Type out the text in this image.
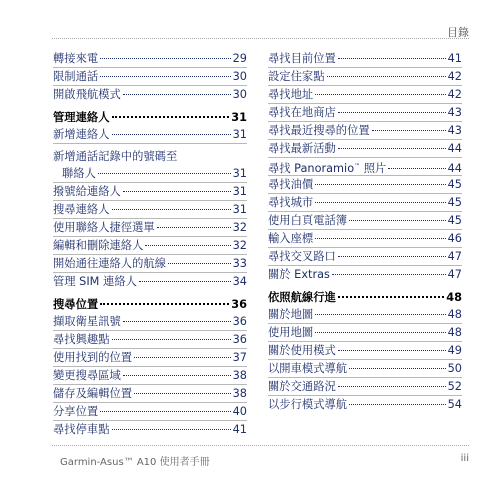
目錄
轉接來電	29
限制通話	30
開啟飛航模式	30
管理連絡人	31
新增連絡人	31
新增通話記錄中的號碼至
聯絡人	31
撥號給連絡人	31
搜尋連絡人	31
使用聯絡人捷徑選單	32
編輯和刪除連絡人	32
開始通往連絡人的航線	33
管理 SIM 連絡人	34
搜尋位置	36
擷取衛星訊號	36
尋找興趣點	36
使用找到的位置	37
變更搜尋區域	38
儲存及編輯位置	38
分享位置	40
尋找停車點	41
尋找目前位置	41
設定住家點	42
尋找地址	42
尋找在地商店	43
尋找最近搜尋的位置	43
尋找最新活動	44
尋找 Panoramio™ 照片	44
尋找油價	45
尋找城市	45
使用白頁電話簿	45
輸入座標	46
尋找交叉路口	47
關於 Extras	47
依照航線行進	48
關於地圖	48
使用地圖	48
關於使用模式	49
以開車模式導航	50
關於交通路況	52
以步行模式導航	54
Garmin-Asus™ A10 使用者手冊	iii
